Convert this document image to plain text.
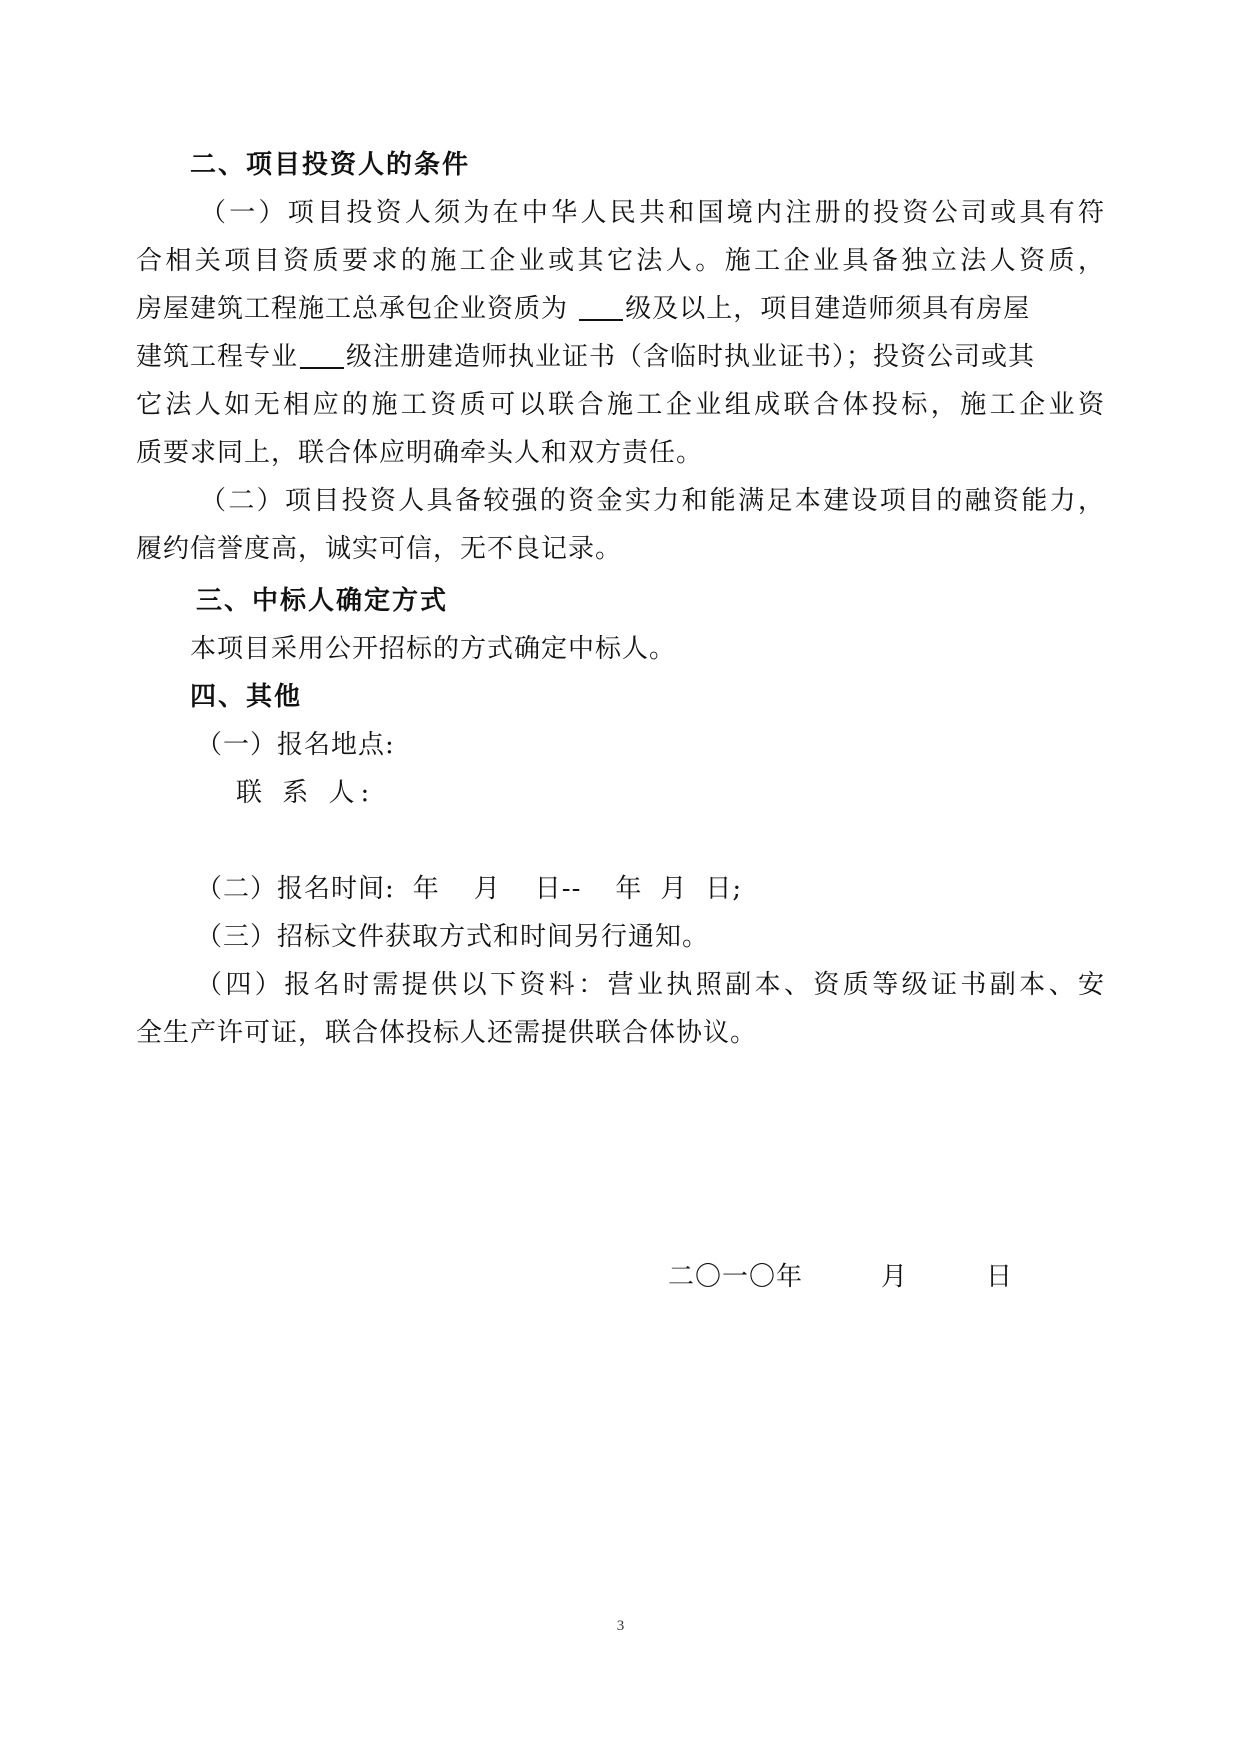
二、项目投资人的条件
（一）项目投资人须为在中华人民共和国境内注册的投资公司或具有符
合相关项目资质要求的施工企业或其它法人。施工企业具备独立法人资质，
房屋建筑工程施工总承包企业资质为 级及以上，项目建造师须具有房屋
建筑工程专业 级注册建造师执业证书（含临时执业证书）；投资公司或其
它法人如无相应的施工资质可以联合施工企业组成联合体投标，施工企业资
质要求同上，联合体应明确牵头人和双方责任。
（二）项目投资人具备较强的资金实力和能满足本建设项目的融资能力，
履约信誉度高，诚实可信，无不良记录。
三、中标人确定方式
本项目采用公开招标的方式确定中标人。
四、其他
（一）报名地点:
联 系 人:
（二）报名时间: 年 月 日-- 年 月 日;
（三）招标文件获取方式和时间另行通知。
（四）报名时需提供以下资料：营业执照副本、资质等级证书副本、安
全生产许可证，联合体投标人还需提供联合体协议。
二〇一〇年	月	日
3
